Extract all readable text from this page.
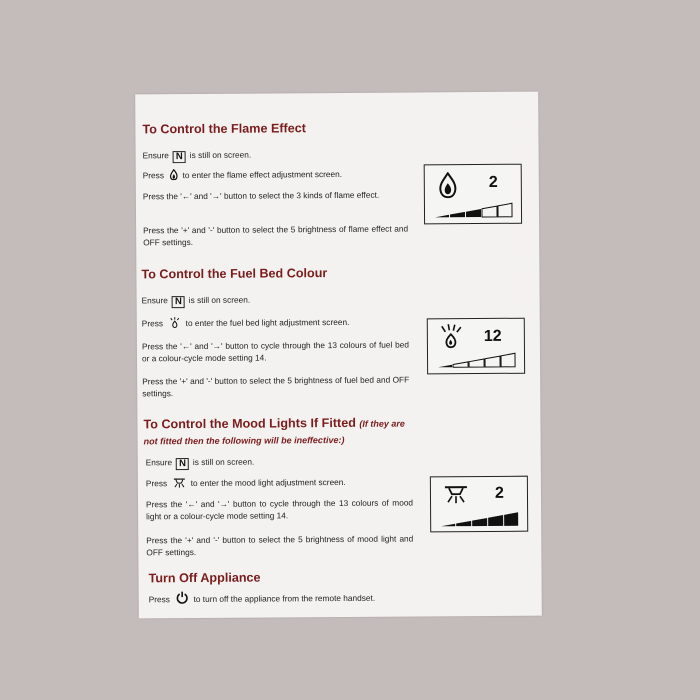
To Control the Flame Effect

Ensure N is still on screen.

Press to enter the flame effect adjustment screen.

Press the '←' and '→' button to select the 3 kinds of flame effect.

Press the '+' and '-' button to select the 5 brightness of flame effect and OFF settings.

2
To Control the Fuel Bed Colour

Ensure N is still on screen.

Press	to enter the fuel bed light adjustment screen.

Press the '←' and '→' button to cycle through the 13 colours of fuel bed or a colour-cycle mode setting 14.

Press the '+' and '-' button to select the 5 brightness of fuel bed and OFF settings.

12
To Control the Mood Lights If Fitted (If they are not fitted then the following will be ineffective:)

Ensure N is still on screen.

Press	to enter the mood light adjustment screen.

Press the '←' and '→' button to cycle through the 13 colours of mood light or a colour-cycle mode setting 14.

Press the '+' and '-' button to select the 5 brightness of mood light and OFF settings.

2
Turn Off Appliance

Press	to turn off the appliance from the remote handset.
